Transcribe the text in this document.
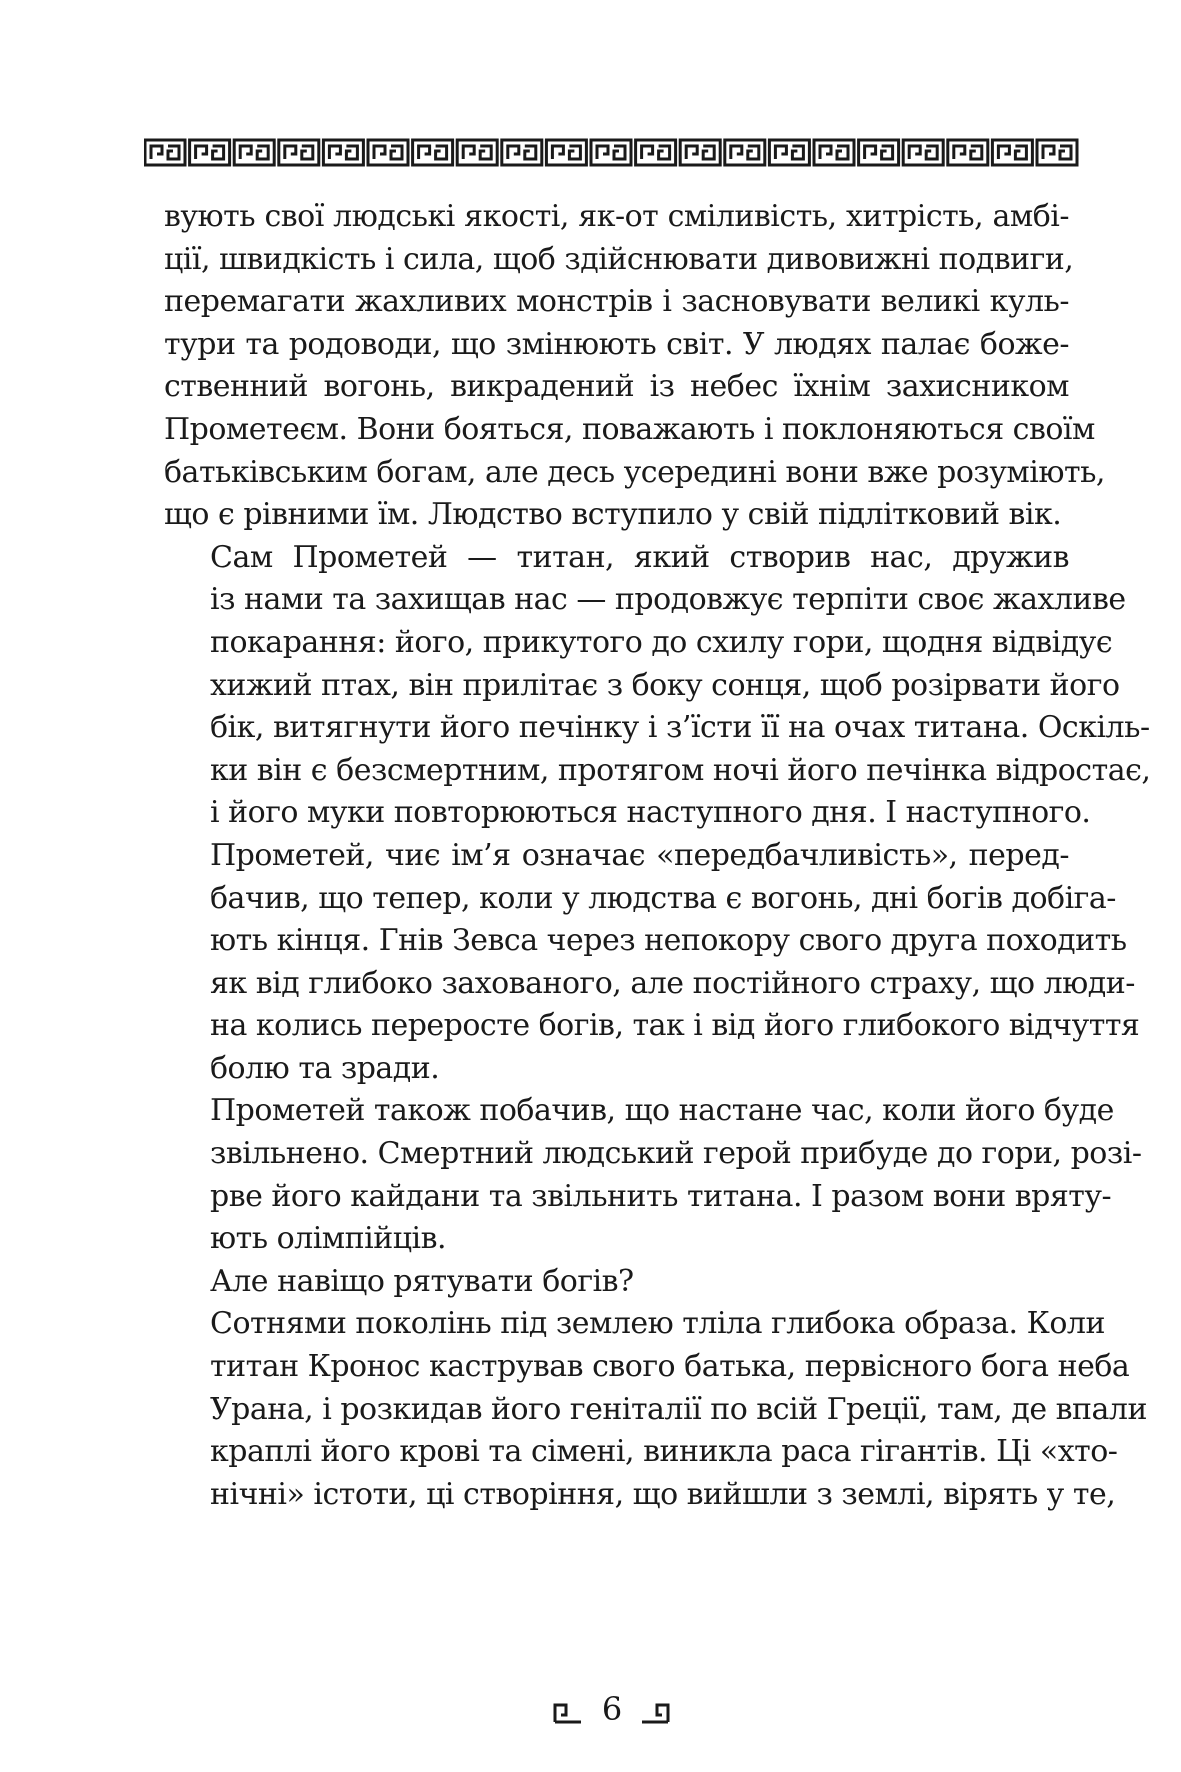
вують свої людські якості, як-от сміливість, хитрість, амбі-
ції, швидкість і сила, щоб здійснювати дивовижні подвиги,
перемагати жахливих монстрів і засновувати великі куль-
тури та родоводи, що змінюють світ. У людях палає боже-
ственний вогонь, викрадений із небес їхнім захисником
Прометеєм. Вони бояться, поважають і поклоняються своїм
батьківським богам, але десь усередині вони вже розуміють,
що є рівними їм. Людство вступило у свій підлітковий вік.

Сам Прометей — титан, який створив нас, дружив
із нами та захищав нас — продовжує терпіти своє жахливе
покарання: його, прикутого до схилу гори, щодня відвідує
хижий птах, він прилітає з боку сонця, щоб розірвати його
бік, витягнути його печінку і з’їсти її на очах титана. Оскіль-
ки він є безсмертним, протягом ночі його печінка відростає,
і його муки повторюються наступного дня. І наступного.

Прометей, чиє ім’я означає «передбачливість», перед-
бачив, що тепер, коли у людства є вогонь, дні богів добіга-
ють кінця. Гнів Зевса через непокору свого друга походить
як від глибоко захованого, але постійного страху, що люди-
на колись переросте богів, так і від його глибокого відчуття
болю та зради.

Прометей також побачив, що настане час, коли його буде
звільнено. Смертний людський герой прибуде до гори, розі-
рве його кайдани та звільнить титана. І разом вони вряту-
ють олімпійців.

Але навіщо рятувати богів?

Сотнями поколінь під землею тліла глибока образа. Коли
титан Кронос кастрував свого батька, первісного бога неба
Урана, і розкидав його геніталії по всій Греції, там, де впали
краплі його крові та сімені, виникла раса гігантів. Ці «хто-
нічні» істоти, ці створіння, що вийшли з землі, вірять у те,

6
